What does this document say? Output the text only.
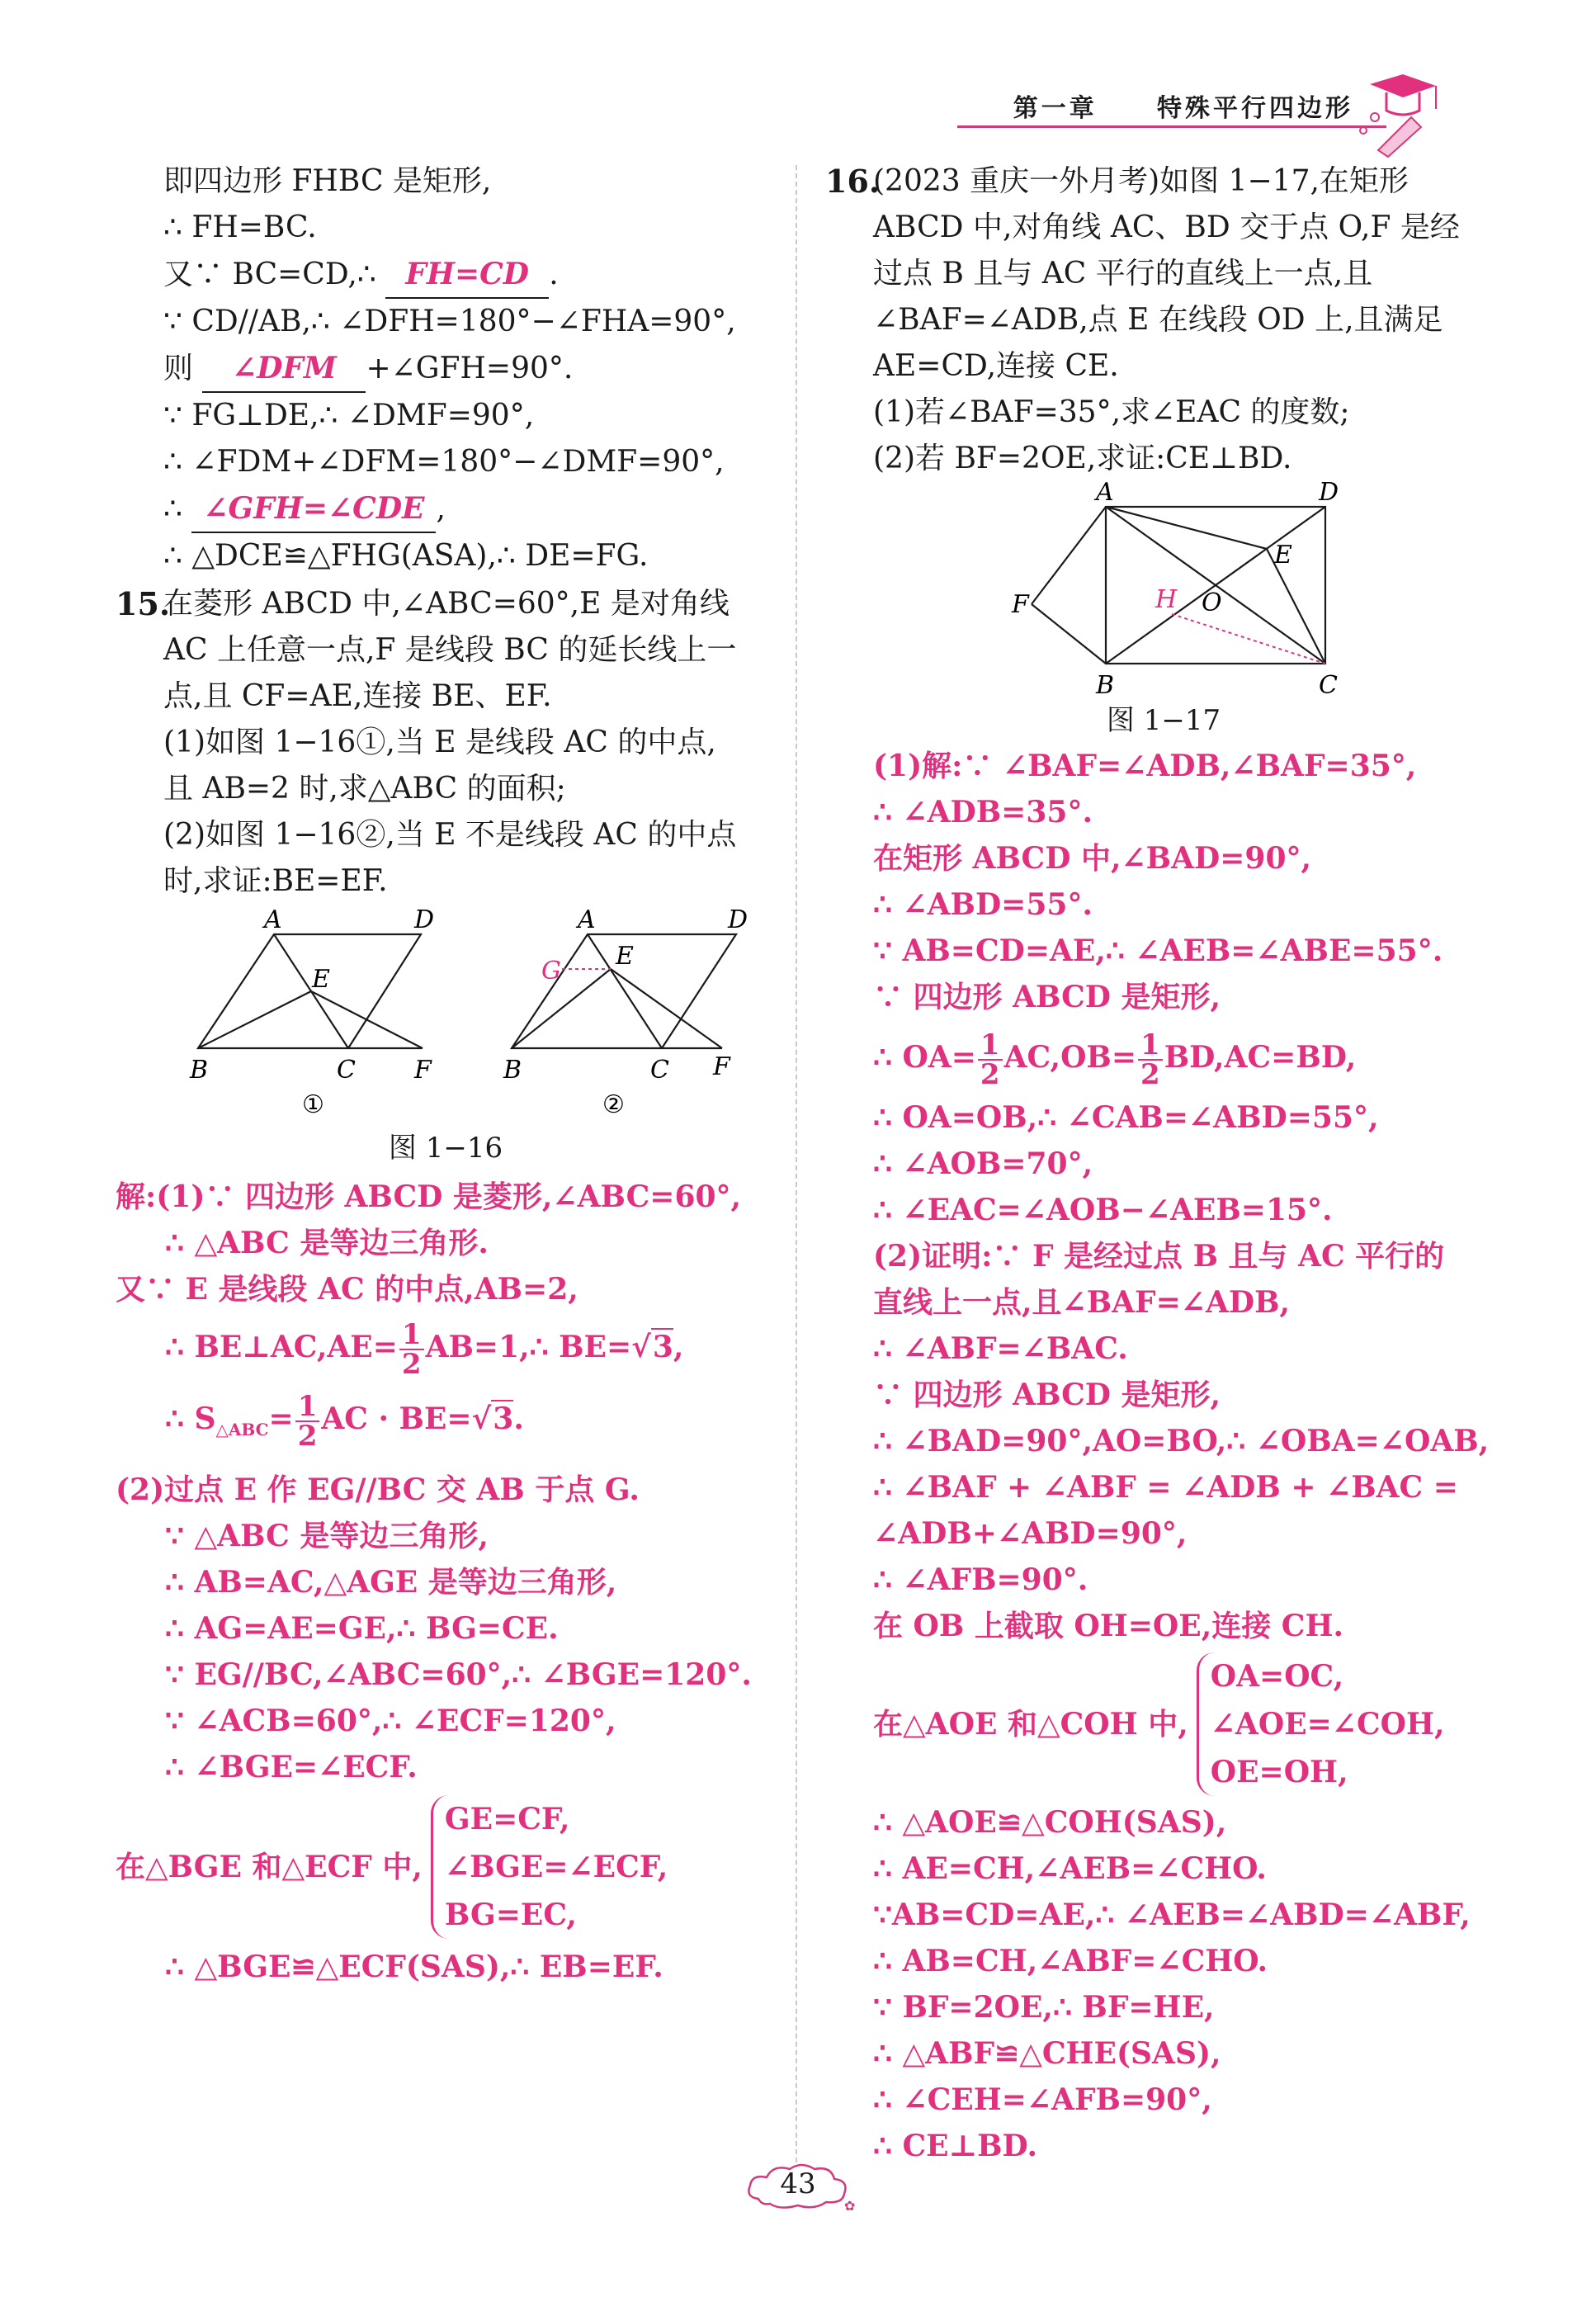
第一章 特殊平行四边形
即四边形 FHBC 是矩形,
∴ FH=BC.
又∵ BC=CD,∴ FH=CD .
∵ CD//AB,∴ ∠DFH=180°−∠FHA=90°,
则 ∠DFM +∠GFH=90°.
∵ FG⊥DE,∴ ∠DMF=90°,
∴ ∠FDM+∠DFM=180°−∠DMF=90°,
∴ ∠GFH=∠CDE ,
∴ △DCE≌△FHG(ASA),∴ DE=FG.
15.
在菱形 ABCD 中,∠ABC=60°,E 是对角线
AC 上任意一点,F 是线段 BC 的延长线上一
点,且 CF=AE,连接 BE、EF.
(1)如图 1−16①,当 E 是线段 AC 的中点,
且 AB=2 时,求△ABC 的面积;
(2)如图 1−16②,当 E 不是线段 AC 的中点
时,求证:BE=EF.
A	D
E
B	C F
①
A	D
E
G
B	C F
②
图 1−16
解:(1)∵ 四边形 ABCD 是菱形,∠ABC=60°,
∴ △ABC 是等边三角形.
又∵ E 是线段 AC 的中点,AB=2,
∴ BE⊥AC,AE= $\frac{1}{2}$ AB=1,∴ BE=√3,
∴ $S_{\triangle ABC}= \frac{1}{2}$ AC · BE=√3.
(2)过点 E 作 EG//BC 交 AB 于点 G.
∵ △ABC 是等边三角形,
∴ AB=AC,△AGE 是等边三角形,
∴ AG=AE=GE,∴ BG=CE.
∵ EG//BC,∠ABC=60°,∴ ∠BGE=120°.
∵ ∠ACB=60°,∴ ∠ECF=120°,
∴ ∠BGE=∠ECF.
在△BGE 和△ECF 中,
GE=CF,
∠BGE=∠ECF,
BG=EC,
∴ △BGE≌△ECF(SAS),∴ EB=EF.
16.
(2023 重庆一外月考)如图 1−17,在矩形
ABCD 中,对角线 AC、BD 交于点 O,F 是经
过点 B 且与 AC 平行的直线上一点,且
∠BAF=∠ADB,点 E 在线段 OD 上,且满足
AE=CD,连接 CE.
(1)若∠BAF=35°,求∠EAC 的度数;
(2)若 BF=2OE,求证:CE⊥BD.
A	D
E
F	H O
B	C
图 1−17
(1)解:∵ ∠BAF=∠ADB,∠BAF=35°,
∴ ∠ADB=35°.
在矩形 ABCD 中,∠BAD=90°,
∴ ∠ABD=55°.
∵ AB=CD=AE,∴ ∠AEB=∠ABE=55°.
∵ 四边形 ABCD 是矩形,
∴ $OA= \frac{1}{2} AC,OB= \frac{1}{2} BD,AC=BD$,
∴ OA=OB,∴ ∠CAB=∠ABD=55°,
∴ ∠AOB=70°,
∴ ∠EAC=∠AOB−∠AEB=15°.
(2)证明:∵ F 是经过点 B 且与 AC 平行的
直线上一点,且∠BAF=∠ADB,
∴ ∠ABF=∠BAC.
∵ 四边形 ABCD 是矩形,
∴ ∠BAD=90°,AO=BO,∴ ∠OBA=∠OAB,
∴ ∠BAF + ∠ABF = ∠ADB + ∠BAC =
∠ADB+∠ABD=90°,
∴ ∠AFB=90°.
在 OB 上截取 OH=OE,连接 CH.
在△AOE 和△COH 中,
OA=OC,
∠AOE=∠COH,
OE=OH,
∴ △AOE≌△COH(SAS),
∴ AE=CH,∠AEB=∠CHO.
∵AB=CD=AE,∴ ∠AEB=∠ABD=∠ABF,
∴ AB=CH,∠ABF=∠CHO.
∵ BF=2OE,∴ BF=HE,
∴ △ABF≌△CHE(SAS),
∴ ∠CEH=∠AFB=90°,
∴ CE⊥BD.
✿
43
